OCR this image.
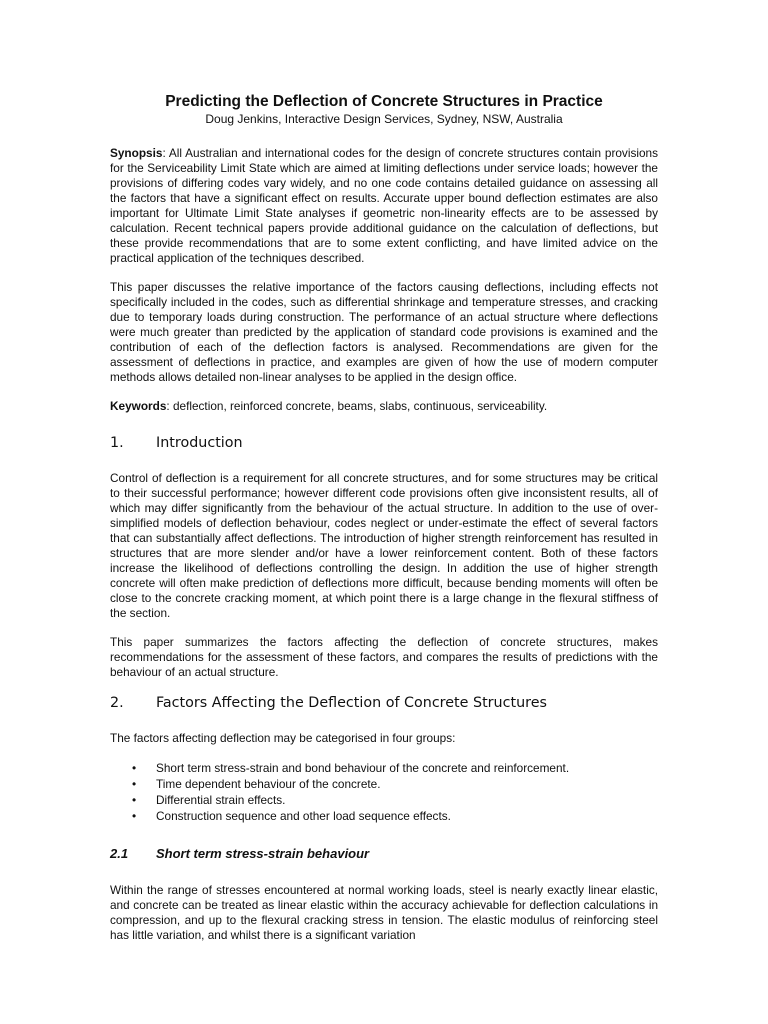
Predicting the Deflection of Concrete Structures in Practice
Doug Jenkins, Interactive Design Services, Sydney, NSW, Australia

Synopsis: All Australian and international codes for the design of concrete structures contain provisions for the Serviceability Limit State which are aimed at limiting deflections under service loads; however the provisions of differing codes vary widely, and no one code contains detailed guidance on assessing all the factors that have a significant effect on results. Accurate upper bound deflection estimates are also important for Ultimate Limit State analyses if geometric non-linearity effects are to be assessed by calculation. Recent technical papers provide additional guidance on the calculation of deflections, but these provide recommendations that are to some extent conflicting, and have limited advice on the practical application of the techniques described.

This paper discusses the relative importance of the factors causing deflections, including effects not specifically included in the codes, such as differential shrinkage and temperature stresses, and cracking due to temporary loads during construction. The performance of an actual structure where deflections were much greater than predicted by the application of standard code provisions is examined and the contribution of each of the deflection factors is analysed. Recommendations are given for the assessment of deflections in practice, and examples are given of how the use of modern computer methods allows detailed non-linear analyses to be applied in the design office.

Keywords: deflection, reinforced concrete, beams, slabs, continuous, serviceability.

1.	Introduction

Control of deflection is a requirement for all concrete structures, and for some structures may be critical to their successful performance; however different code provisions often give inconsistent results, all of which may differ significantly from the behaviour of the actual structure. In addition to the use of over-simplified models of deflection behaviour, codes neglect or under-estimate the effect of several factors that can substantially affect deflections. The introduction of higher strength reinforcement has resulted in structures that are more slender and/or have a lower reinforcement content. Both of these factors increase the likelihood of deflections controlling the design. In addition the use of higher strength concrete will often make prediction of deflections more difficult, because bending moments will often be close to the concrete cracking moment, at which point there is a large change in the flexural stiffness of the section.

This paper summarizes the factors affecting the deflection of concrete structures, makes recommendations for the assessment of these factors, and compares the results of predictions with the behaviour of an actual structure.

2.	Factors Affecting the Deflection of Concrete Structures

The factors affecting deflection may be categorised in four groups:

•	Short term stress-strain and bond behaviour of the concrete and reinforcement.
•	Time dependent behaviour of the concrete.
•	Differential strain effects.
•	Construction sequence and other load sequence effects.
2.1	Short term stress-strain behaviour

Within the range of stresses encountered at normal working loads, steel is nearly exactly linear elastic, and concrete can be treated as linear elastic within the accuracy achievable for deflection calculations in compression, and up to the flexural cracking stress in tension. The elastic modulus of reinforcing steel has little variation, and whilst there is a significant variation
